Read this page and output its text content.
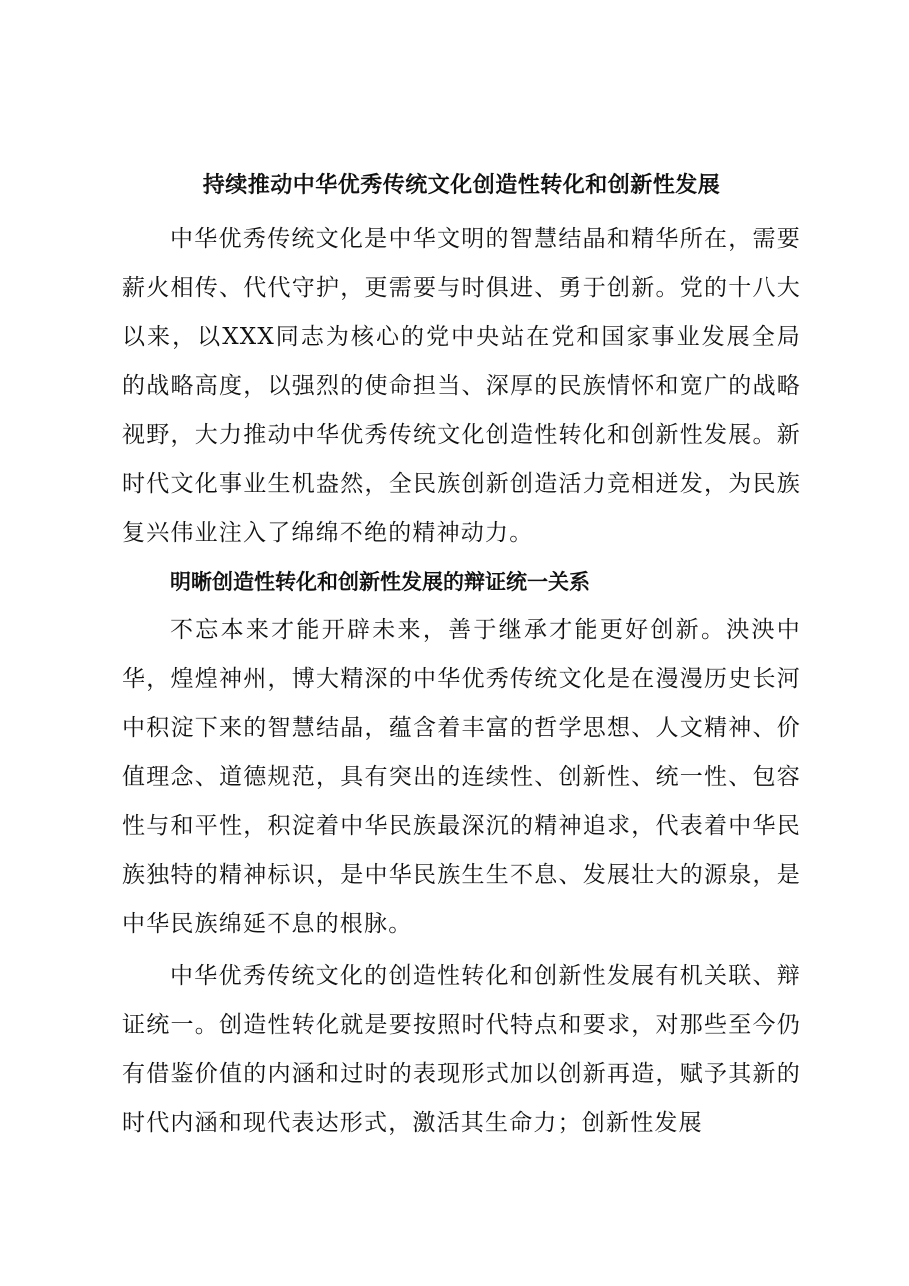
持续推动中华优秀传统文化创造性转化和创新性发展

中华优秀传统文化是中华文明的智慧结晶和精华所在，需要薪火相传、代代守护，更需要与时俱进、勇于创新。党的十八大以来，以XXX同志为核心的党中央站在党和国家事业发展全局的战略高度，以强烈的使命担当、深厚的民族情怀和宽广的战略视野，大力推动中华优秀传统文化创造性转化和创新性发展。新时代文化事业生机盎然，全民族创新创造活力竞相迸发，为民族复兴伟业注入了绵绵不绝的精神动力。

明晰创造性转化和创新性发展的辩证统一关系

不忘本来才能开辟未来，善于继承才能更好创新。泱泱中华，煌煌神州，博大精深的中华优秀传统文化是在漫漫历史长河中积淀下来的智慧结晶，蕴含着丰富的哲学思想、人文精神、价值理念、道德规范，具有突出的连续性、创新性、统一性、包容性与和平性，积淀着中华民族最深沉的精神追求，代表着中华民族独特的精神标识，是中华民族生生不息、发展壮大的源泉，是中华民族绵延不息的根脉。

中华优秀传统文化的创造性转化和创新性发展有机关联、辩证统一。创造性转化就是要按照时代特点和要求，对那些至今仍有借鉴价值的内涵和过时的表现形式加以创新再造，赋予其新的时代内涵和现代表达形式，激活其生命力；创新性发展
